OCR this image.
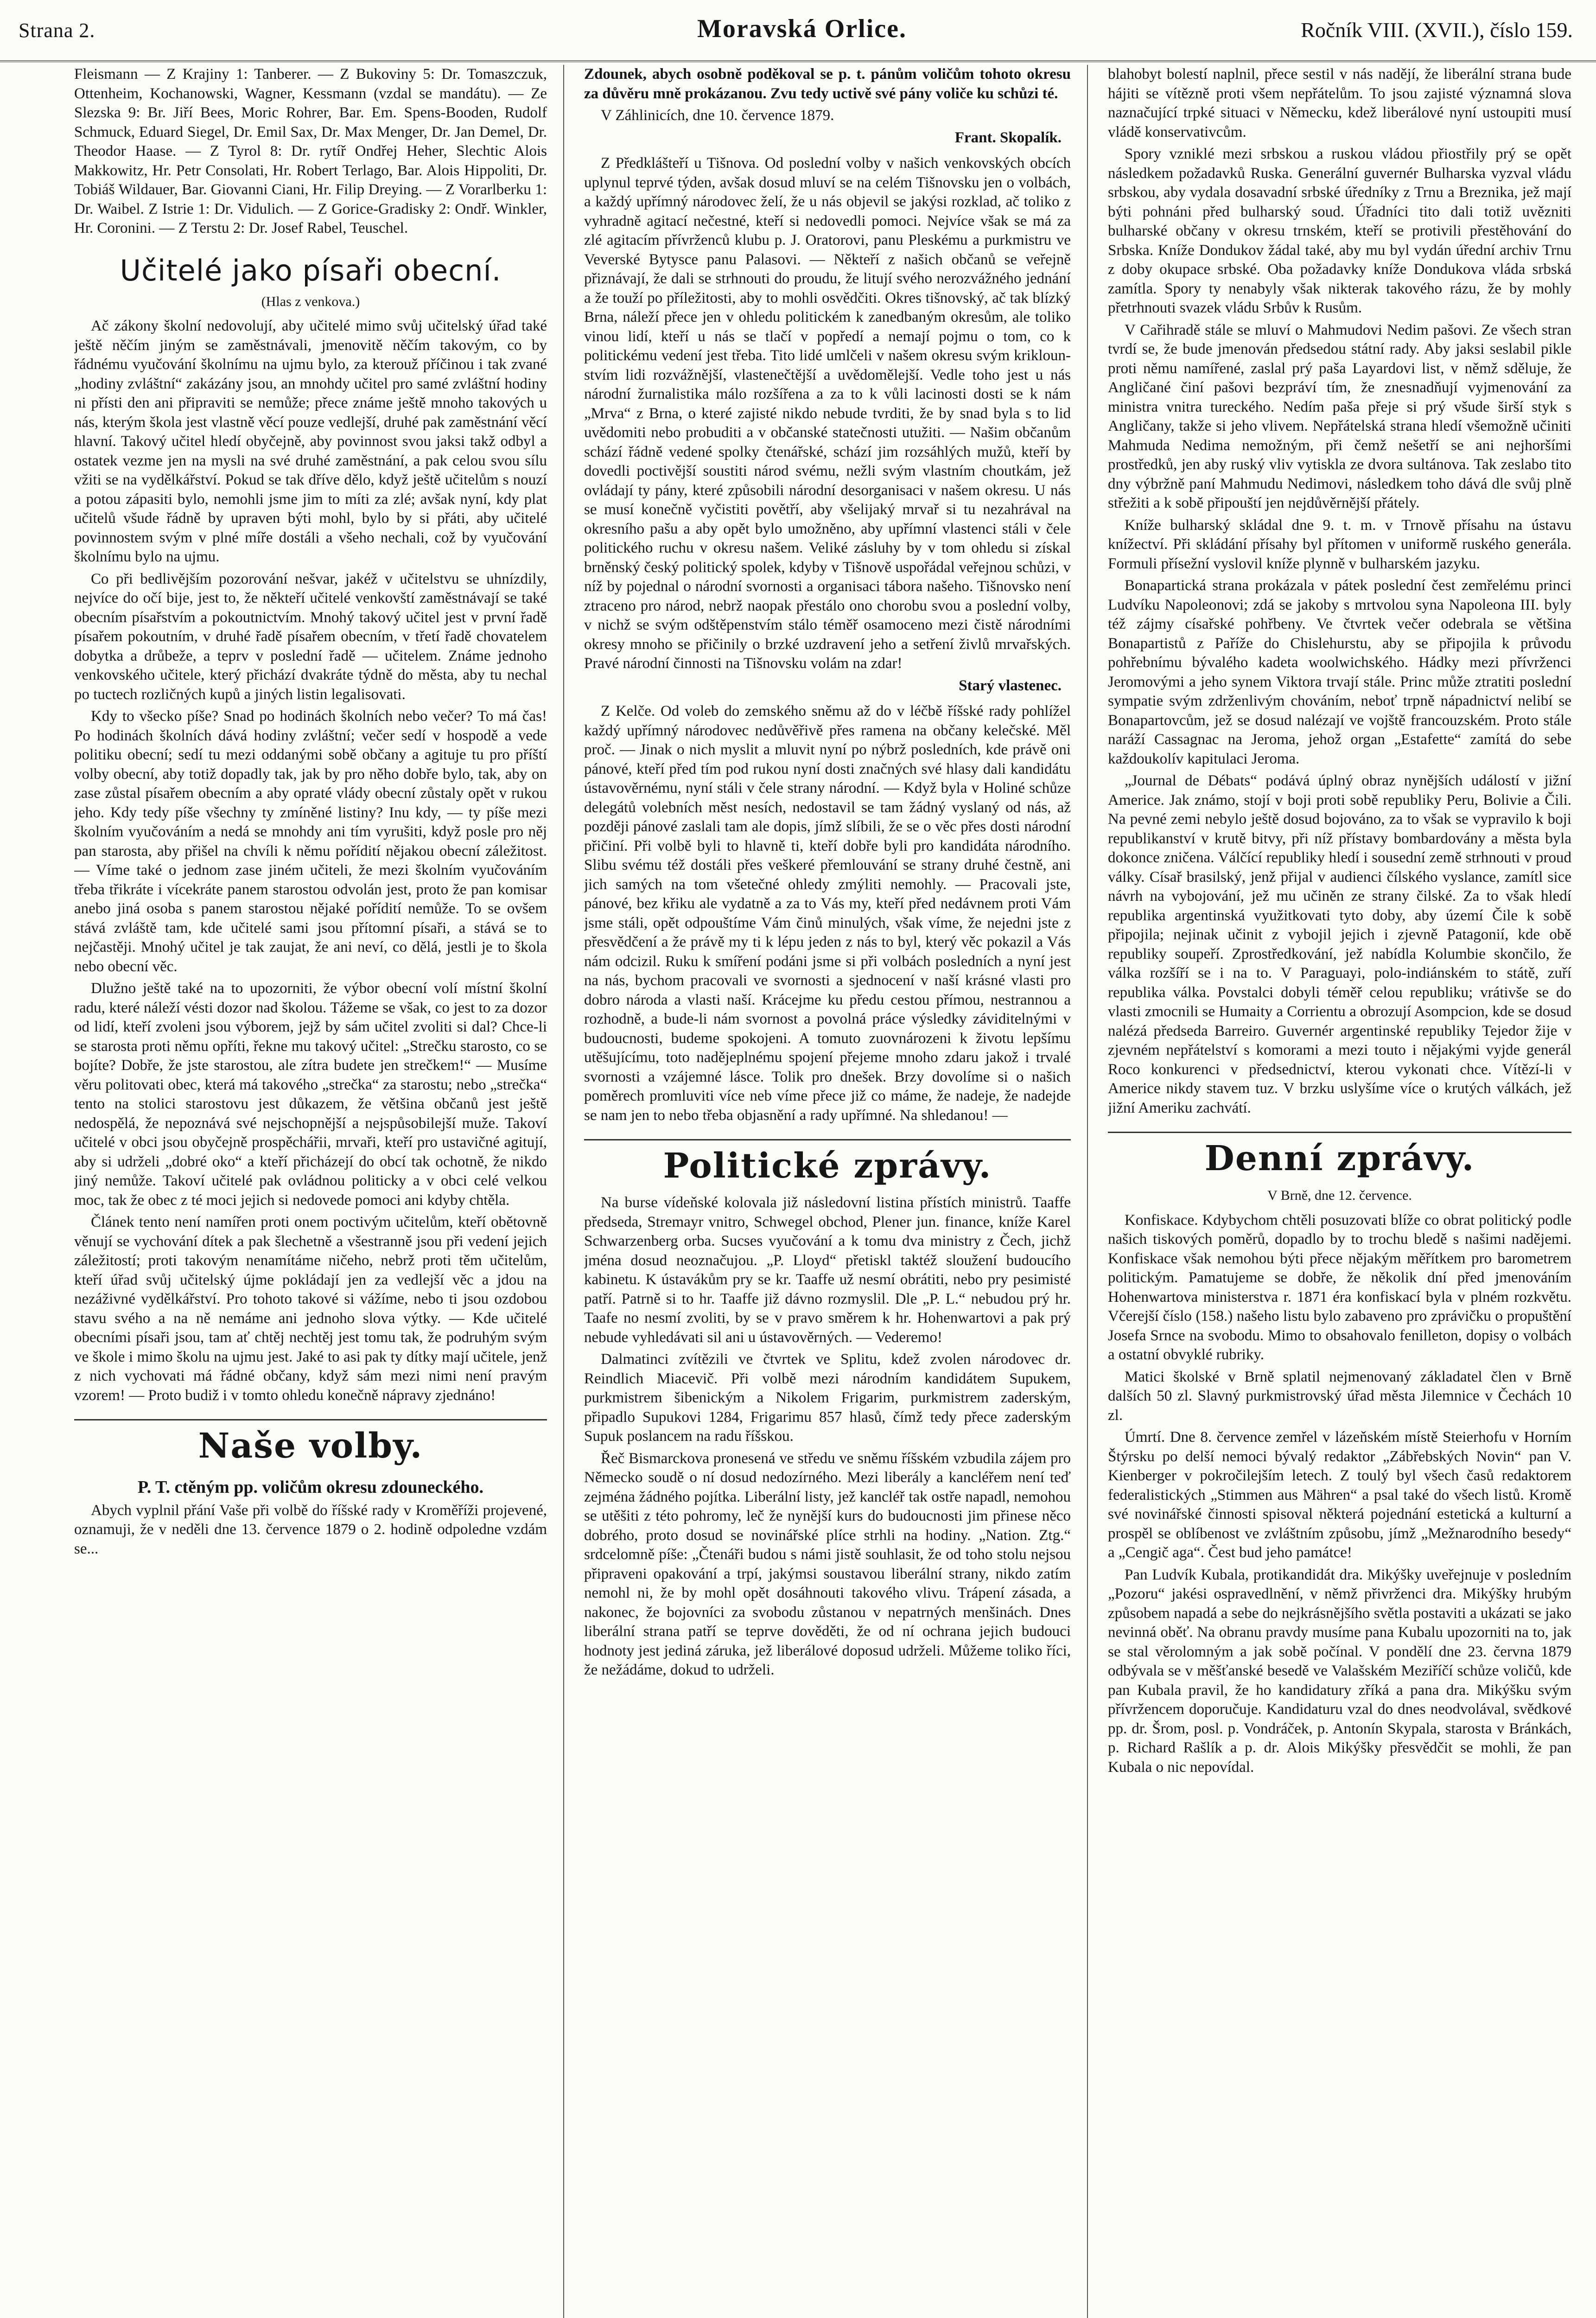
Strana 2.	Moravská Orlice.	Ročník VIII. (XVII.), číslo 159.

Fleismann — Z Krajiny 1: Tanberer. — Z Bukoviny 5: Dr. Tomaszczuk, Ottenheim, Kochanowski, Wagner, Kessmann (vzdal se mandátu). — Ze Slezska 9: Br. Jiří Bees, Moric Rohrer, Bar. Em. Spens-Booden, Rudolf Schmuck, Eduard Siegel, Dr. Emil Sax, Dr. Max Menger, Dr. Jan Demel, Dr. Theodor Haase. — Z Tyrol 8: Dr. rytíř Ondřej Heher, Slechtic Alois Makkowitz, Hr. Petr Consolati, Hr. Robert Terlago, Bar. Alois Hippoliti, Dr. Tobiáš Wildauer, Bar. Giovanni Ciani, Hr. Filip Dreying. — Z Vorarlberku 1: Dr. Waibel. Z Istrie 1: Dr. Vidulich. — Z Gorice-Gradisky 2: Ondř. Winkler, Hr. Coronini. — Z Terstu 2: Dr. Josef Rabel, Teuschel.

Učitelé jako písaři obecní.
(Hlas z venkova.)

Ač zákony školní nedovolují, aby učitelé mimo svůj učitelský úřad také ještě něčím jiným se zaměstnávali, jmenovitě něčím takovým, co by řádnému vyučování školnímu na ujmu bylo, za kterouž příčinou i tak zvané „hodiny zvláštní“ zakázány jsou, an mnohdy učitel pro samé zvláštní hodiny ni přísti den ani připraviti se nemůže; přece známe ještě mnoho takových u nás, kterým škola jest vlastně věcí pouze vedlejší, druhé pak zaměstnání věcí hlavní. Takový učitel hledí obyčejně, aby povinnost svou jaksi takž odbyl a ostatek vezme jen na mysli na své druhé zaměstnání, a pak celou svou sílu vžiti se na vydělkářství. Pokud se tak dříve dělo, když ještě učitelům s nouzí a potou zápasiti bylo, nemohli jsme jim to míti za zlé; avšak nyní, kdy plat učitelů všude řádně by upraven býti mohl, bylo by si přáti, aby učitelé povinnostem svým v plné míře dostáli a všeho nechali, což by vyučování školnímu bylo na ujmu.

Co při bedlivějším pozorování nešvar, jakéž v učitelstvu se uhnízdily, nejvíce do očí bije, jest to, že někteří učitelé venkovští zaměstnávají se také obecním písařstvím a pokoutnictvím. Mnohý takový učitel jest v první řadě písařem pokoutním, v druhé řadě písařem obecním, v třetí řadě chovatelem dobytka a drůbeže, a teprv v poslední řadě — učitelem. Známe jednoho venkovského učitele, který přichází dvakráte týdně do města, aby tu nechal po tuctech rozličných kupů a jiných listin legalisovati.

Kdy to všecko píše? Snad po hodinách školních nebo večer? To má čas! Po hodinách školních dává hodiny zvláštní; večer sedí v hospodě a vede politiku obecní; sedí tu mezi oddanými sobě občany a agituje tu pro příští volby obecní, aby totiž dopadly tak, jak by pro něho dobře bylo, tak, aby on zase zůstal písařem obecním a aby opraté vlády obecní zůstaly opět v rukou jeho. Kdy tedy píše všechny ty zmíněné listiny? Inu kdy, — ty píše mezi školním vyučováním a nedá se mnohdy ani tím vyrušiti, když posle pro něj pan starosta, aby přišel na chvíli k němu pořídití nějakou obecní záležitost. — Víme také o jednom zase jiném učiteli, že mezi školním vyučováním třeba třikráte i vícekráte panem starostou odvolán jest, proto že pan komisar anebo jiná osoba s panem starostou nějaké pořídití nemůže. To se ovšem stává zvláště tam, kde učitelé sami jsou přítomní písaři, a stává se to nejčastěji. Mnohý učitel je tak zaujat, že ani neví, co dělá, jestli je to škola nebo obecní věc.

Dlužno ještě také na to upozorniti, že výbor obecní volí místní školní radu, které náleží vésti dozor nad školou. Tážeme se však, co jest to za dozor od lidí, kteří zvoleni jsou výborem, jejž by sám učitel zvoliti si dal? Chce-li se starosta proti němu opříti, řekne mu takový učitel: „Strečku starosto, co se bojíte? Dobře, že jste starostou, ale zítra budete jen strečkem!“ — Musíme věru politovati obec, která má takového „strečka“ za starostu; nebo „strečka“ tento na stolici starostovu jest důkazem, že většina občanů jest ještě nedospělá, že nepoznává své nejschopnější a nejspůsobilejší muže. Takoví učitelé v obci jsou obyčejně prospěchářii, mrvaři, kteří pro ustavičné agitují, aby si udrželi „dobré oko“ a kteří přicházejí do obcí tak ochotně, že nikdo jiný nemůže. Takoví učitelé pak ovládnou politicky a v obci celé velkou moc, tak že obec z té moci jejich si nedovede pomoci ani kdyby chtěla.

Článek tento není namířen proti onem poctivým učitelům, kteří obětovně věnují se vychování dítek a pak šlechetně a všestranně jsou při vedení jejich záležitostí; proti takovým nenamítáme ničeho, nebrž proti těm učitelům, kteří úřad svůj učitelský újme pokládají jen za vedlejší věc a jdou na nezáživné vydělkářství. Pro tohoto takové si vážíme, nebo ti jsou ozdobou stavu svého a na ně nemáme ani jednoho slova výtky. — Kde učitelé obecními písaři jsou, tam ať chtěj nechtěj jest tomu tak, že podruhým svým ve škole i mimo školu na ujmu jest. Jaké to asi pak ty dítky mají učitele, jenž z nich vychovati má řádné občany, když sám mezi nimi není pravým vzorem! — Proto budiž i v tomto ohledu konečně nápravy zjednáno!

Naše volby.
P. T. ctěným pp. voličům okresu zdouneckého.

Abych vyplnil přání Vaše při volbě do říšské rady v Kroměříži projevené, oznamuji, že v neděli dne 13. července 1879 o 2. hodině odpoledne vzdám se...

Zdounek, abych osobně poděkoval se p. t. pánům voličům tohoto okresu za důvěru mně prokázanou. Zvu tedy uctivě své pány voliče ku schůzi té.

V Záhlinicích, dne 10. července 1879.

Frant. Skopalík.

Z Předklášteří u Tišnova. Od poslední volby v našich venkovských obcích uplynul teprvé týden, avšak dosud mluví se na celém Tišnovsku jen o volbách, a každý upřímný národovec želí, že u nás objevil se jakýsi rozklad, ač toliko z vyhradně agitací nečestné, kteří si nedovedli pomoci. Nejvíce však se má za zlé agitacím přívrženců klubu p. J. Oratorovi, panu Pleskému a purkmistru ve Veverské Bytysce panu Palasovi. — Někteří z našich občanů se veřejně přiznávají, že dali se strhnouti do proudu, že litují svého nerozvážného jednání a že touží po příležitosti, aby to mohli osvědčiti. Okres tišnovský, ač tak blízký Brna, náleží přece jen v ohledu politickém k zanedbaným okresům, ale toliko vinou lidí, kteří u nás se tlačí v popředí a nemají pojmu o tom, co k politickému vedení jest třeba. Tito lidé umlčeli v našem okresu svým kriklounstvím lidi rozvážnější, vlastenečtější a uvědomělejší. Vedle toho jest u nás národní žurnalistika málo rozšířena a za to k vůli lacinosti dosti se k nám „Mrva“ z Brna, o které zajisté nikdo nebude tvrditi, že by snad byla s to lid uvědomiti nebo probuditi a v občanské statečnosti utužiti. — Našim občanům schází řádně vedené spolky čtenářské, schází jim rozsáhlých mužů, kteří by dovedli poctivější soustiti národ svému, nežli svým vlastním choutkám, jež ovládají ty pány, které způsobili národní desorganisaci v našem okresu. U nás se musí konečně vyčistiti povětří, aby všelijaký mrvař si tu nezahrával na okresního pašu a aby opět bylo umožněno, aby upřímní vlastenci stáli v čele politického ruchu v okresu našem. Veliké zásluhy by v tom ohledu si získal brněnský český politický spolek, kdyby v Tišnově uspořádal veřejnou schůzi, v níž by pojednal o národní svornosti a organisaci tábora našeho. Tišnovsko není ztraceno pro národ, nebrž naopak přestálo ono chorobu svou a poslední volby, v nichž se svým odštěpenstvím stálo téměř osamoceno mezi čistě národními okresy mnoho se přičinily o brzké uzdravení jeho a setření živlů mrvařských. Pravé národní činnosti na Tišnovsku volám na zdar!

Starý vlastenec.

Z Kelče. Od voleb do zemského sněmu až do v léčbě říšské rady pohlížel každý upřímný národovec nedůvěřivě přes ramena na občany kelečské. Měl proč. — Jinak o nich myslit a mluvit nyní po nýbrž posledních, kde právě oni pánové, kteří před tím pod rukou nyní dosti značných své hlasy dali kandidátu ústavověrnému, nyní stáli v čele strany národní. — Když byla v Holiné schůze delegátů volebních měst nesích, nedostavil se tam žádný vyslaný od nás, až později pánové zaslali tam ale dopis, jímž slíbili, že se o věc přes dosti národní přičiní. Při volbě byli to hlavně ti, kteří dobře byli pro kandidáta národního. Slibu svému též dostáli přes veškeré přemlouvání se strany druhé čestně, ani jich samých na tom všetečné ohledy zmýliti nemohly. — Pracovali jste, pánové, bez křiku ale vydatně a za to Vás my, kteří před nedávnem proti Vám jsme stáli, opět odpouštíme Vám činů minulých, však víme, že nejedni jste z přesvědčení a že právě my ti k lépu jeden z nás to byl, který věc pokazil a Vás nám odcizil. Ruku k smíření podáni jsme si při volbách posledních a nyní jest na nás, bychom pracovali ve svornosti a sjednocení v naší krásné vlasti pro dobro národa a vlasti naší. Krácejme ku předu cestou přímou, nestrannou a rozhodně, a bude-li nám svornost a povolná práce výsledky záviditelnými v budoucnosti, budeme spokojeni. A tomuto zuovnározeni k životu lepšímu utěšujícímu, toto nadějeplnému spojení přejeme mnoho zdaru jakož i trvalé svornosti a vzájemné lásce. Tolik pro dnešek. Brzy dovolíme si o našich poměrech promluviti více neb víme přece již co máme, že nadeje, že nadejde se nam jen to nebo třeba objasnění a rady upřímné. Na shledanou! —

Politické zprávy.

Na burse vídeňské kolovala již následovní listina přístích ministrů. Taaffe předseda, Stremayr vnitro, Schwegel obchod, Plener jun. finance, kníže Karel Schwarzenberg orba. Sucses vyučování a k tomu dva ministry z Čech, jichž jména dosud neoznačujou. „P. Lloyd“ přetiskl taktéž sloužení budoucího kabinetu. K ústavákům pry se kr. Taaffe už nesmí obrátiti, nebo pry pesimisté patří. Patrně si to hr. Taaffe již dávno rozmyslil. Dle „P. L.“ nebudou prý hr. Taafe no nesmí zvoliti, by se v pravo směrem k hr. Hohenwartovi a pak prý nebude vyhledávati sil ani u ústavověrných. — Vederemo!

Dalmatinci zvítězili ve čtvrtek ve Splitu, kdež zvolen národovec dr. Reindlich Miacevič. Při volbě mezi národním kandidátem Supukem, purkmistrem šibenickým a Nikolem Frigarim, purkmistrem zaderským, připadlo Supukovi 1284, Frigarimu 857 hlasů, čímž tedy přece zaderským Supuk poslancem na radu říšskou.

Řeč Bismarckova pronesená ve středu ve sněmu říšském vzbudila zájem pro Německo soudě o ní dosud nedozírného. Mezi liberály a kancléřem není teď zejména žádného pojítka. Liberální listy, jež kancléř tak ostře napadl, nemohou se utěšiti z této pohromy, leč že nynější kurs do budoucnosti jim přinese něco dobrého, proto dosud se novinářské plíce strhli na hodiny. „Nation. Ztg.“ srdcelomně píše: „Čtenáři budou s námi jistě souhlasit, že od toho stolu nejsou připraveni opakování a trpí, jakýmsi soustavou liberální strany, nikdo zatím nemohl ni, že by mohl opět dosáhnouti takového vlivu. Trápení zásada, a nakonec, že bojovníci za svobodu zůstanou v nepatrných menšinách. Dnes liberální strana patří se teprve dověděti, že od ní ochrana jejich budouci hodnoty jest jediná záruka, jež liberálové doposud udrželi. Můžeme toliko říci, že nežádáme, dokud to udrželi.

blahobyt bolestí naplnil, přece sestil v nás nadějí, že liberální strana bude hájiti se vítězně proti všem nepřátelům. To jsou zajisté významná slova naznačující trpké situaci v Německu, kdež liberálové nyní ustoupiti musí vládě konservativcům.

Spory vzniklé mezi srbskou a ruskou vládou přiostřily prý se opět následkem požadavků Ruska. Generální guvernér Bulharska vyzval vládu srbskou, aby vydala dosavadní srbské úředníky z Trnu a Breznika, jež mají býti pohnáni před bulharský soud. Úřadníci tito dali totiž uvězniti bulharské občany v okresu trnském, kteří se protivili přestěhování do Srbska. Kníže Dondukov žádal také, aby mu byl vydán úřední archiv Trnu z doby okupace srbské. Oba požadavky kníže Dondukova vláda srbská zamítla. Spory ty nenabyly však nikterak takového rázu, že by mohly přetrhnouti svazek vládu Srbův k Rusům.

V Cařihradě stále se mluví o Mahmudovi Nedim pašovi. Ze všech stran tvrdí se, že bude jmenován předsedou státní rady. Aby jaksi seslabil pikle proti němu namířené, zaslal prý paša Layardovi list, v němž sděluje, že Angličané činí pašovi bezpráví tím, že znesnadňují vyjmenování za ministra vnitra tureckého. Nedím paša přeje si prý všude širší styk s Angličany, takže si jeho vlivem. Nepřátelská strana hledí všemožně učiniti Mahmuda Nedima nemožným, při čemž nešetří se ani nejhoršími prostředků, jen aby ruský vliv vytiskla ze dvora sultánova. Tak zeslabo tito dny výbržně paní Mahmudu Nedimovi, následkem toho dává dle svůj plně střežiti a k sobě připouští jen nejdůvěrnější přátely.

Kníže bulharský skládal dne 9. t. m. v Trnově přísahu na ústavu knížectví. Při skládání přísahy byl přítomen v uniformě ruského generála. Formuli přísežní vyslovil kníže plynně v bulharském jazyku.

Bonapartická strana prokázala v pátek poslední čest zemřelému princi Ludvíku Napoleonovi; zdá se jakoby s mrtvolou syna Napoleona III. byly též zájmy císařské pohřbeny. Ve čtvrtek večer odebrala se většina Bonapartistů z Paříže do Chislehurstu, aby se připojila k průvodu pohřebnímu bývalého kadeta woolwichského. Hádky mezi přívrženci Jeromovými a jeho synem Viktora trvají stále. Princ může ztratiti poslední sympatie svým zdrženlivým chováním, neboť trpně nápadnictví nelibí se Bonapartovcům, jež se dosud nalézají ve vojště francouzském. Proto stále naráží Cassagnac na Jeroma, jehož organ „Estafette“ zamítá do sebe každoukolív kapitulaci Jeroma.

„Journal de Débats“ podává úplný obraz nynějších událostí v jižní Americe. Jak známo, stojí v boji proti sobě republiky Peru, Bolivie a Čili. Na pevné zemi nebylo ještě dosud bojováno, za to však se vypravilo k boji republikanství v krutě bitvy, při níž přístavy bombardovány a města byla dokonce zničena. Válčící republiky hledí i sousední země strhnouti v proud války. Císař brasilský, jenž přijal v audienci čílského vyslance, zamítl sice návrh na vybojování, jež mu učiněn ze strany čilské. Za to však hledí republika argentinská využitkovati tyto doby, aby území Čile k sobě připojila; nejinak učinit z vybojil jejich i zjevně Patagonií, kde obě republiky soupeří. Zprostředkování, jež nabídla Kolumbie skončilo, že válka rozšíří se i na to. V Paraguayi, polo-indiánském to státě, zuří republika válka. Povstalci dobyli téměř celou republiku; vrátivše se do vlasti zmocnili se Humaity a Corrientu a obrozují Asompcion, kde se dosud nalézá předseda Barreiro. Guvernér argentinské republiky Tejedor žije v zjevném nepřátelství s komorami a mezi touto i nějakými vyjde generál Roco konkurenci v předsednictví, kterou vykonati chce. Vítězí-li v Americe nikdy stavem tuz. V brzku uslyšíme více o krutých válkách, jež jižní Ameriku zachvátí.

Denní zprávy.
V Brně, dne 12. července.

Konfiskace. Kdybychom chtěli posuzovati blíže co obrat politický podle našich tiskových poměrů, dopadlo by to trochu bledě s našimi nadějemi. Konfiskace však nemohou býti přece nějakým měřítkem pro barometrem politickým. Pamatujeme se dobře, že několik dní před jmenováním Hohenwartova ministerstva r. 1871 éra konfiskací byla v plném rozkvětu. Včerejší číslo (158.) našeho listu bylo zabaveno pro zprávičku o propuštění Josefa Srnce na svobodu. Mimo to obsahovalo fenilleton, dopisy o volbách a ostatní obvyklé rubriky.

Matici školské v Brně splatil nejmenovaný základatel člen v Brně dalších 50 zl. Slavný purkmistrovský úřad města Jilemnice v Čechách 10 zl.

Úmrtí. Dne 8. července zemřel v lázeňském místě Steierhofu v Horním Štýrsku po delší nemoci bývalý redaktor „Zábřebských Novin“ pan V. Kienberger v pokročilejším letech. Z toulý byl všech časů redaktorem federalistických „Stimmen aus Mähren“ a psal také do všech listů. Kromě své novinářské činnosti spisoval některá pojednání estetická a kulturní a prospěl se oblíbenost ve zvláštním způsobu, jímž „Mežnarodního besedy“ a „Cengič aga“. Čest bud jeho památce!

Pan Ludvík Kubala, protikandidát dra. Mikýšky uveřejnuje v posledním „Pozoru“ jakési ospravedlnění, v němž přivrženci dra. Mikýšky hrubým způsobem napadá a sebe do nejkrásnějšího světla postaviti a ukázati se jako nevinná oběť. Na obranu pravdy musíme pana Kubalu upozorniti na to, jak se stal věrolomným a jak sobě počínal. V pondělí dne 23. června 1879 odbývala se v měšťanské besedě ve Valašském Meziříčí schůze voličů, kde pan Kubala pravil, že ho kandidatury zříká a pana dra. Mikýšku svým přívržencem doporučuje. Kandidaturu vzal do dnes neodvolával, svědkové pp. dr. Šrom, posl. p. Vondráček, p. Antonín Skypala, starosta v Bránkách, p. Richard Rašlík a p. dr. Alois Mikýšky přesvědčit se mohli, že pan Kubala o nic nepovídal.
